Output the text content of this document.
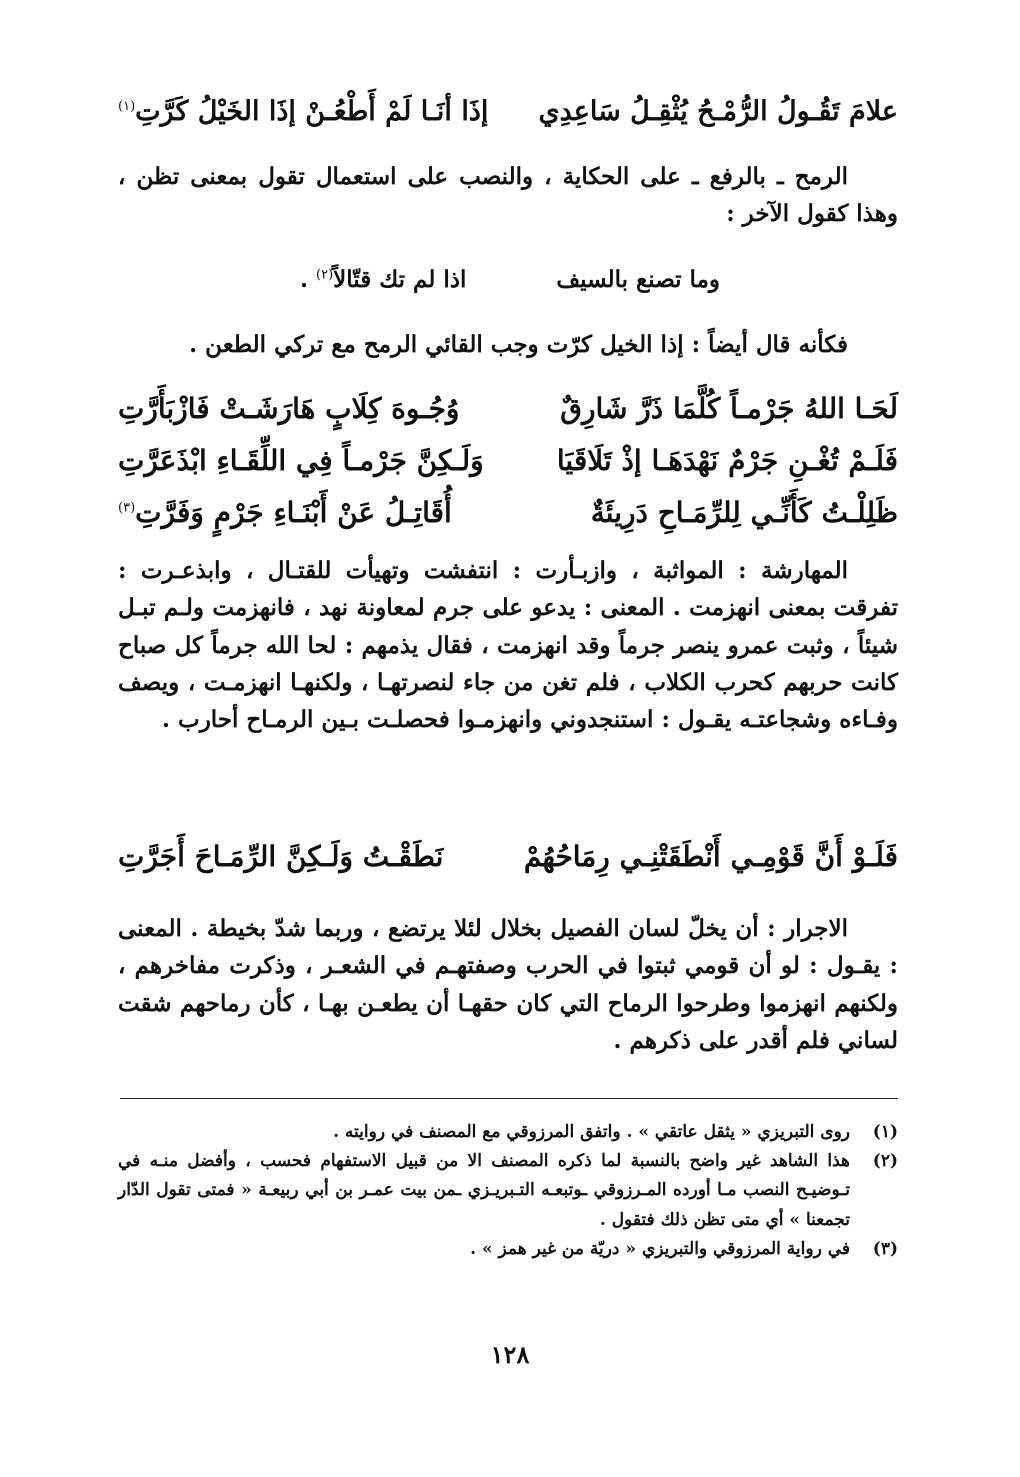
علامَ تَقُـولُ الرُّمْـحُ يُثْقِـلُ سَاعِدِي
إذَا أنَـا لَمْ أَطْعُـنْ إذَا الخَيْلُ كَرَّتِ$^{(١)}$

الرمح ـ بالرفع ـ على الحكاية ، والنصب على استعمال تقول بمعنى تظن ، وهذا كقول الآخر :

وما تصنع بالسيف
اذا لم تك قتّالاً$^{(٢)}$ .

فكأنه قال أيضاً : إذا الخيل كرّت وجب القائي الرمح مع تركي الطعن .

لَحَـا اللهُ جَرْمـاً كُلَّمَا ذَرَّ شَارِقٌ
وُجُـوهَ كِلَابٍ هَارَشَـتْ فَازْبَأَرَّتِ
فَلَـمْ تُغْـنِ جَرْمٌ نَهْدَهَـا إذْ تَلَاقَيَا
وَلَـكِنَّ جَرْمـاً فِي اللِّقَـاءِ ابْذَعَرَّتِ
ظَلِلْـتُ كَأَنِّـي لِلرِّمَـاحِ دَرِيئَةٌ
أُقَاتِـلُ عَنْ أَبْنَـاءِ جَرْمٍ وَفَرَّتِ$^{(٣)}$

المهارشة : المواثبة ، وازبـأرت : انتفشت وتهيأت للقتـال ، وابذعـرت : تفرقت بمعنى انهزمت . المعنى : يدعو على جرم لمعاونة نهد ، فانهزمت ولـم تبـل شيئاً ، وثبت عمرو ينصر جرماً وقد انهزمت ، فقال يذمهم : لحا الله جرماً كل صباح كانت حربهم كحرب الكلاب ، فلم تغن من جاء لنصرتهـا ، ولكنهـا انهزمـت ، ويصف وفـاءه وشجاعتـه يقـول : استنجدوني وانهزمـوا فحصلـت بـين الرمـاح أحارب .

فَلَـوْ أَنَّ قَوْمِـي أَنْطَقَتْنِـي رِمَاحُهُمْ
نَطَقْـتُ وَلَـكِنَّ الرِّمَـاحَ أَجَرَّتِ

الاجرار : أن يخلّ لسان الفصيل بخلال لئلا يرتضع ، وربما شدّ بخيطة . المعنى : يقـول : لو أن قومي ثبتوا في الحرب وصفتهـم في الشعـر ، وذكرت مفاخرهم ، ولكنهم انهزموا وطرحوا الرماح التي كان حقهـا أن يطعـن بهـا ، كأن رماحهم شقت لساني فلم أقدر على ذكرهم .

(١)
روى التبريزي « يثقل عاتقي » . واتفق المرزوقي مع المصنف في روايته .
(٢)
هذا الشاهد غير واضح بالنسبة لما ذكره المصنف الا من قبيل الاستفهام فحسب ، وأفضل منـه في تـوضيـح النصب مـا أورده المـرزوقي ـوتبعـه التـبريـزي ـمن بيت عمـر بن أبي ربيعـة « فمتى تقول الدّار تجمعنا » أي متى تظن ذلك فتقول .
(٣)
في رواية المرزوقي والتبريزي « دريّة من غير همز » .
١٢٨
